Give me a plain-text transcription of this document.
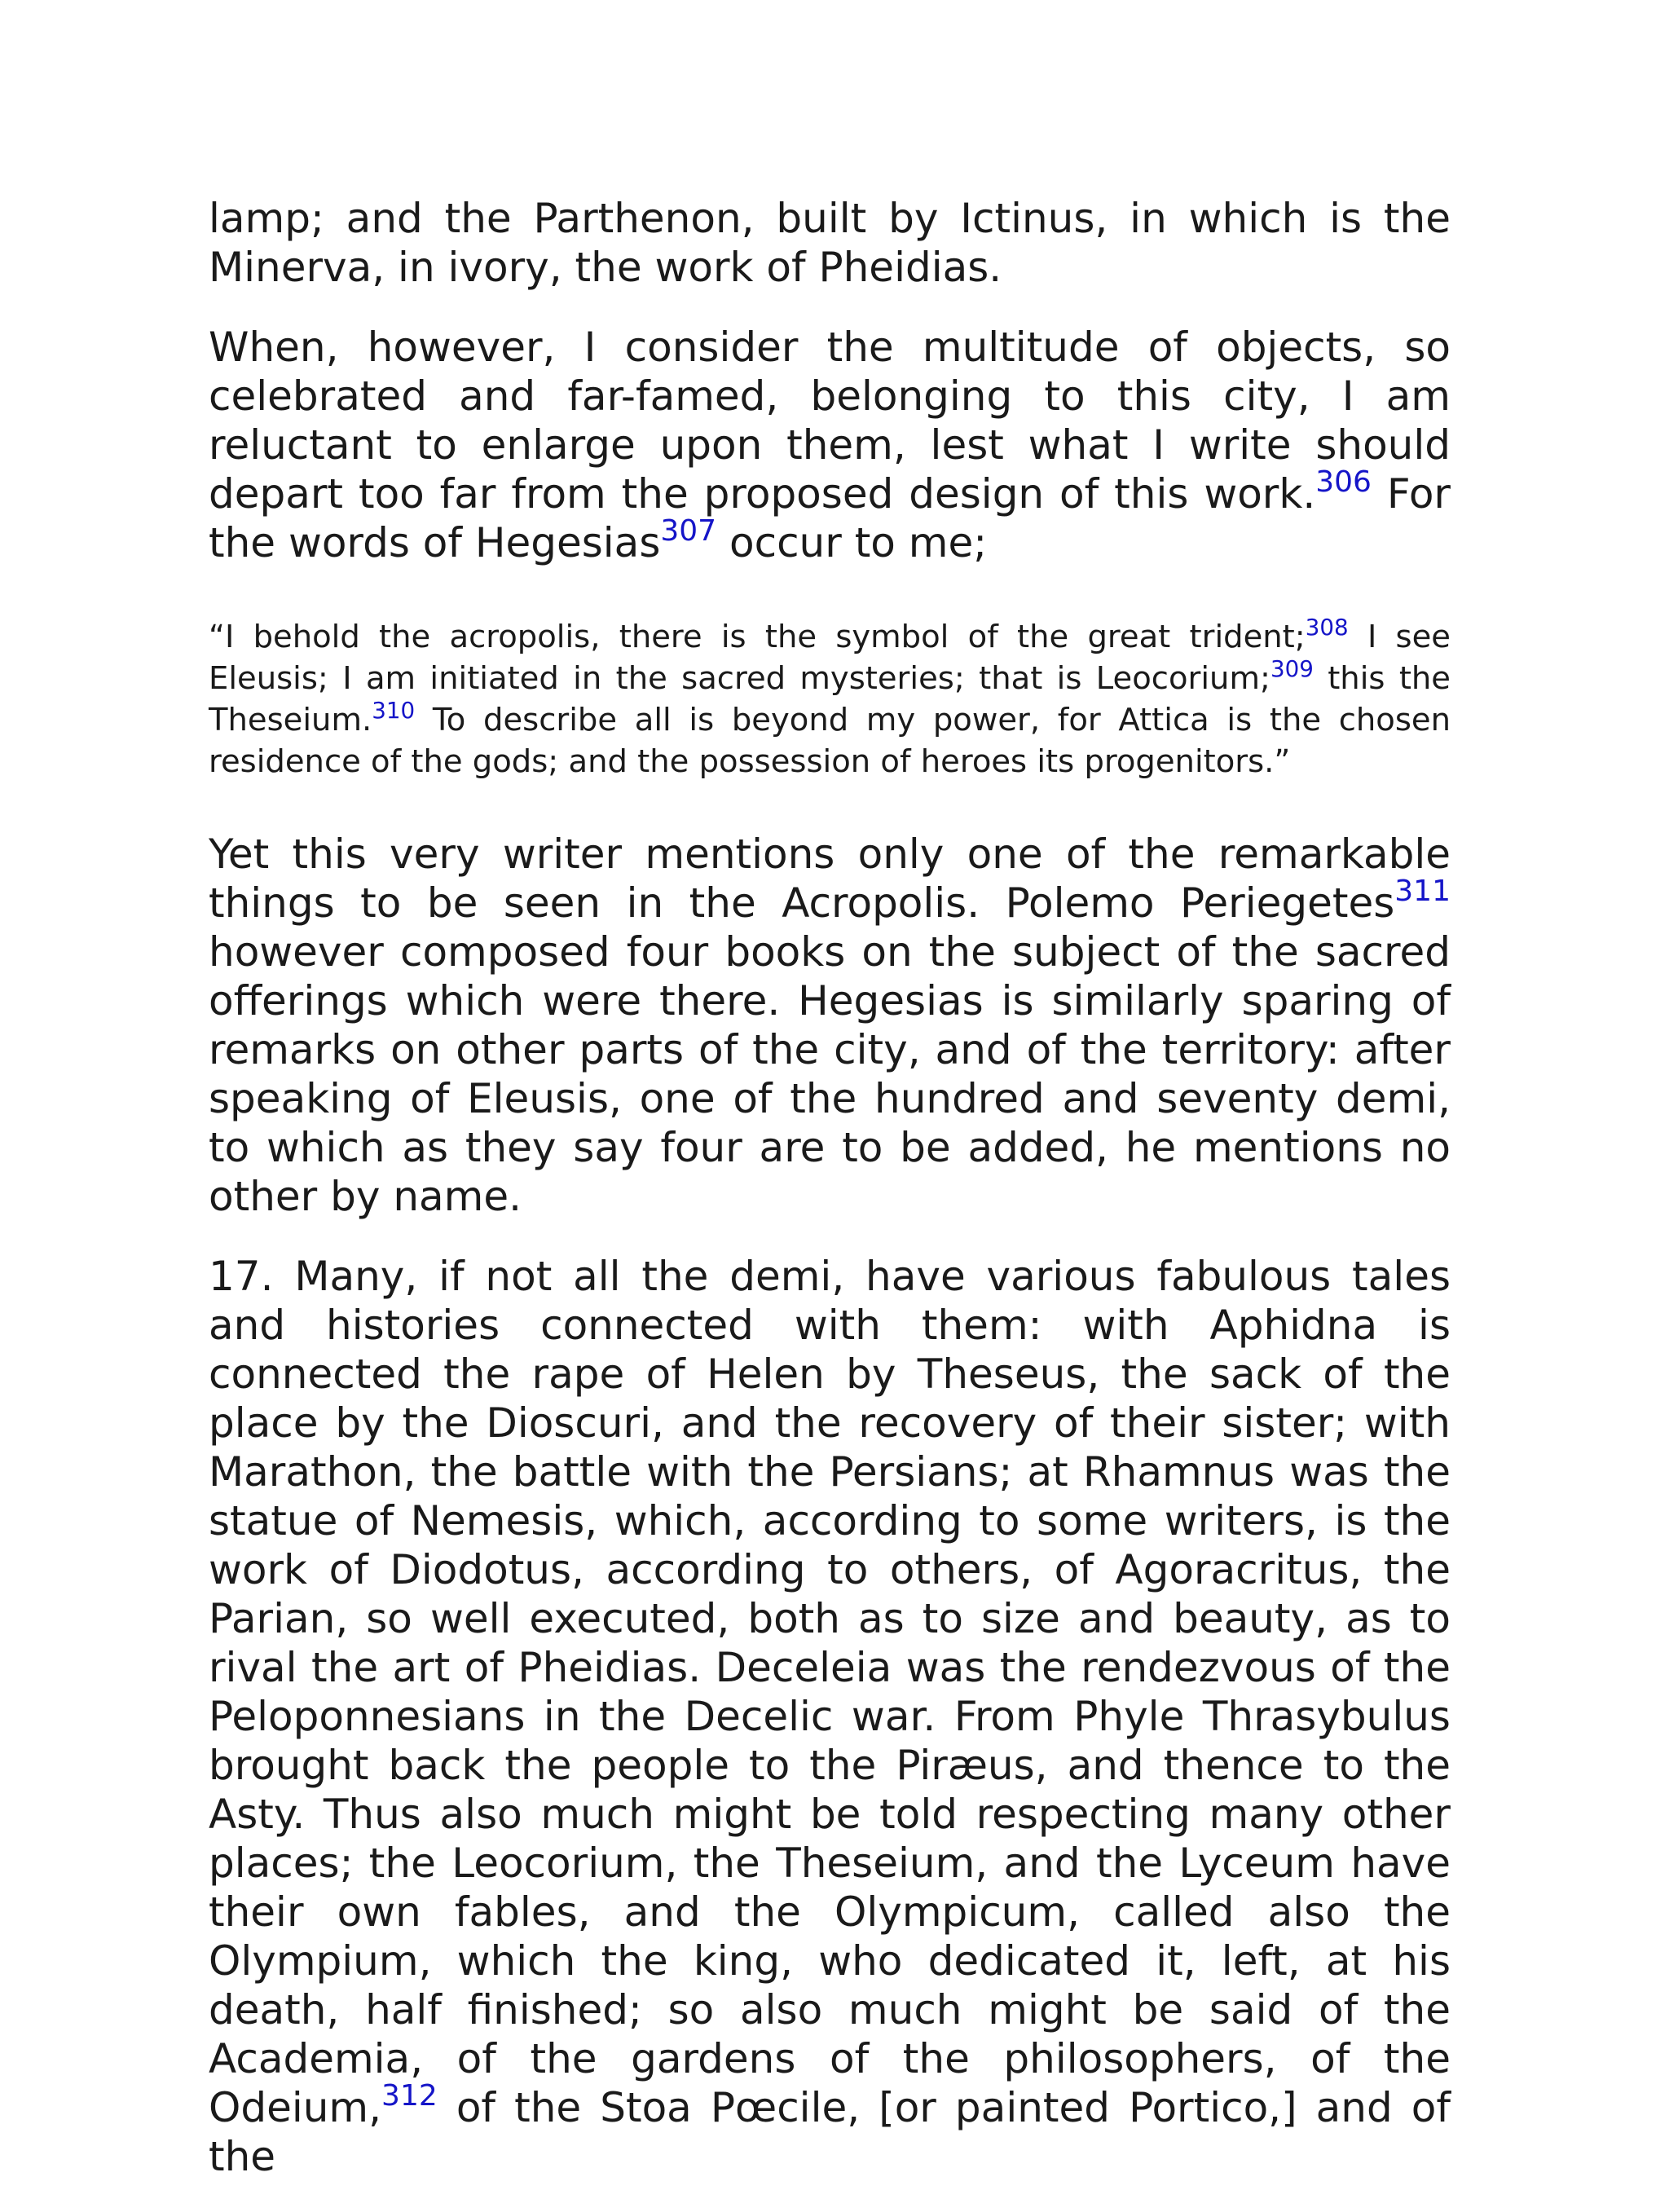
lamp; and the Parthenon, built by Ictinus, in which is the Minerva, in ivory, the work of Pheidias.

When, however, I consider the multitude of objects, so celebrated and far-famed, belonging to this city, I am reluctant to enlarge upon them, lest what I write should depart too far from the proposed design of this work.$^{306}$ For the words of Hegesias$^{307}$ occur to me;

“I behold the acropolis, there is the symbol of the great trident;$^{308}$ I see Eleusis; I am initiated in the sacred mysteries; that is Leocorium;$^{309}$ this the Theseium.$^{310}$ To describe all is beyond my power, for Attica is the chosen residence of the gods; and the possession of heroes its progenitors.”

Yet this very writer mentions only one of the remarkable things to be seen in the Acropolis. Polemo Periegetes$^{311}$ however composed four books on the subject of the sacred offerings which were there. Hegesias is similarly sparing of remarks on other parts of the city, and of the territory: after speaking of Eleusis, one of the hundred and seventy demi, to which as they say four are to be added, he mentions no other by name.

17. Many, if not all the demi, have various fabulous tales and histories connected with them: with Aphidna is connected the rape of Helen by Theseus, the sack of the place by the Dioscuri, and the recovery of their sister; with Marathon, the battle with the Persians; at Rhamnus was the statue of Nemesis, which, according to some writers, is the work of Diodotus, according to others, of Agoracritus, the Parian, so well executed, both as to size and beauty, as to rival the art of Pheidias. Deceleia was the rendezvous of the Peloponnesians in the Decelic war. From Phyle Thrasybulus brought back the people to the Piræus, and thence to the Asty. Thus also much might be told respecting many other places; the Leocorium, the Theseium, and the Lyceum have their own fables, and the Olympicum, called also the Olympium, which the king, who dedicated it, left, at his death, half finished; so also much might be said of the Academia, of the gardens of the philosophers, of the Odeium,$^{312}$ of the Stoa Pœcile, [or painted Portico,] and of the
